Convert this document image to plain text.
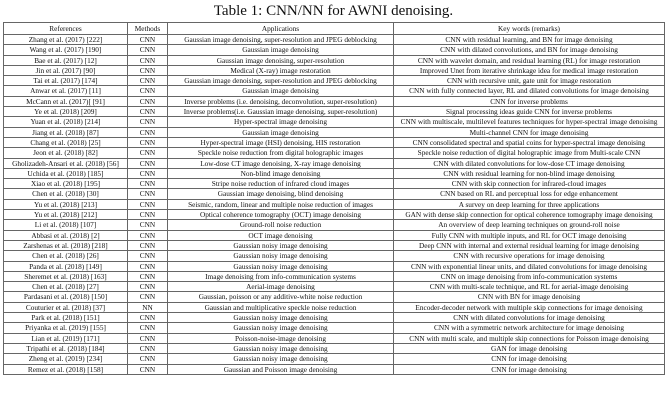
Table 1: CNN/NN for AWNI denoising.
References	Methods	Applications	Key words (remarks)
Zhang et al. (2017) [222]	CNN	Gaussian image denoising, super-resolution and JPEG deblocking	CNN with residual learning, and BN for image denoising
Wang et al. (2017) [190]	CNN	Gaussian image denoising	CNN with dilated convolutions, and BN for image denoising
Bae et al. (2017) [12]	CNN	Gaussian image denoising, super-resolution	CNN with wavelet domain, and residual learning (RL) for image restoration
Jin et al. (2017) [90]	CNN	Medical (X-ray) image restoration	Improved Unet from iterative shrinkage idea for medical image restoration
Tai et al. (2017) [174]	CNN	Gaussian image denoising, super-resolution and JPEG deblocking	CNN with recursive unit, gate unit for image restoration
Anwar et al. (2017) [11]	CNN	Gaussian image denoising	CNN with fully connected layer, RL and dilated convolutions for image denoising
McCann et al. (2017)[ [91]	CNN	Inverse problems (i.e. denoising, deconvolution, super-resolution)	CNN for inverse problems
Ye et al. (2018) [209]	CNN	Inverse problems(i.e. Gaussian image denoising, super-resolution)	Signal processing ideas guide CNN for inverse problems
Yuan et al. (2018) [214]	CNN	Hyper-spectral image denoising	CNN with multiscale, multilevel features techniques for hyper-spectral image denoising
Jiang et al. (2018) [87]	CNN	Gaussian image denoising	Multi-channel CNN for image denoising
Chang et al. (2018) [25]	CNN	Hyper-spectral image (HSI) denoising, HIS restoration	CNN consolidated spectral and spatial coins for hyper-spectral image denoising
Jeon et al. (2018) [82]	CNN	Speckle noise reduction from digital holographic images	Speckle noise reduction of digital holographic image from Multi-scale CNN
Gholizadeh-Ansari et al. (2018) [56]	CNN	Low-dose CT image denoising, X-ray image denoising	CNN with dilated convolutions for low-dose CT image denoising
Uchida et al. (2018) [185]	CNN	Non-blind image denoising	CNN with residual learning for non-blind image denoising
Xiao et al. (2018) [195]	CNN	Stripe noise reduction of infrared cloud images	CNN with skip connection for infrared-cloud images
Chen et al. (2018) [30]	CNN	Gaussian image denoising, blind denoising	CNN based on RL and perceptual loss for edge enhancement
Yu et al. (2018) [213]	CNN	Seismic, random, linear and multiple noise reduction of images	A survey on deep learning for three applications
Yu et al. (2018) [212]	CNN	Optical coherence tomography (OCT) image denoising	GAN with dense skip connection for optical coherence tomography image denoising
Li et al. (2018) [107]	CNN	Ground-roll noise reduction	An overview of deep learning techniques on ground-roll noise
Abbasi et al. (2018) [2]	CNN	OCT image denoising	Fully CNN with multiple inputs, and RL for OCT image denoising
Zarshenas et al. (2018) [218]	CNN	Gaussian noisy image denoising	Deep CNN with internal and external residual learning for image denoising
Chen et al. (2018) [26]	CNN	Gaussian noisy image denoising	CNN with recursive operations for image denoising
Panda et al. (2018) [149]	CNN	Gaussian noisy image denoising	CNN with exponential linear units, and dilated convolutions for image denoising
Sheremet et al. (2018) [163]	CNN	Image denoising from info-communication systems	CNN on image denoising from info-communication systems
Chen et al. (2018) [27]	CNN	Aerial-image denoising	CNN with multi-scale technique, and RL for aerial-image denoising
Pardasani et al. (2018) [150]	CNN	Gaussian, poisson or any additive-white noise reduction	CNN with BN for image denoising
Couturier et al. (2018) [37]	NN	Gaussian and multiplicative speckle noise reduction	Encoder-decoder network with multiple skip connections for image denoising
Park et al. (2018) [151]	CNN	Gaussian noisy image denoising	CNN with dilated convolutions for image denoising
Priyanka et al. (2019) [155]	CNN	Gaussian noisy image denoising	CNN with a symmetric network architecture for image denoising
Lian et al. (2019) [171]	CNN	Poisson-noise-image denoising	CNN with multi scale, and multiple skip connections for Poisson image denoising
Tripathi et al. (2018) [184]	CNN	Gaussian noisy image denoising	GAN for image denoising
Zheng et al. (2019) [234]	CNN	Gaussian noisy image denoising	CNN for image denoising
Remez et al. (2018) [158]	CNN	Gaussian and Poisson image denoising	CNN for image denoising
